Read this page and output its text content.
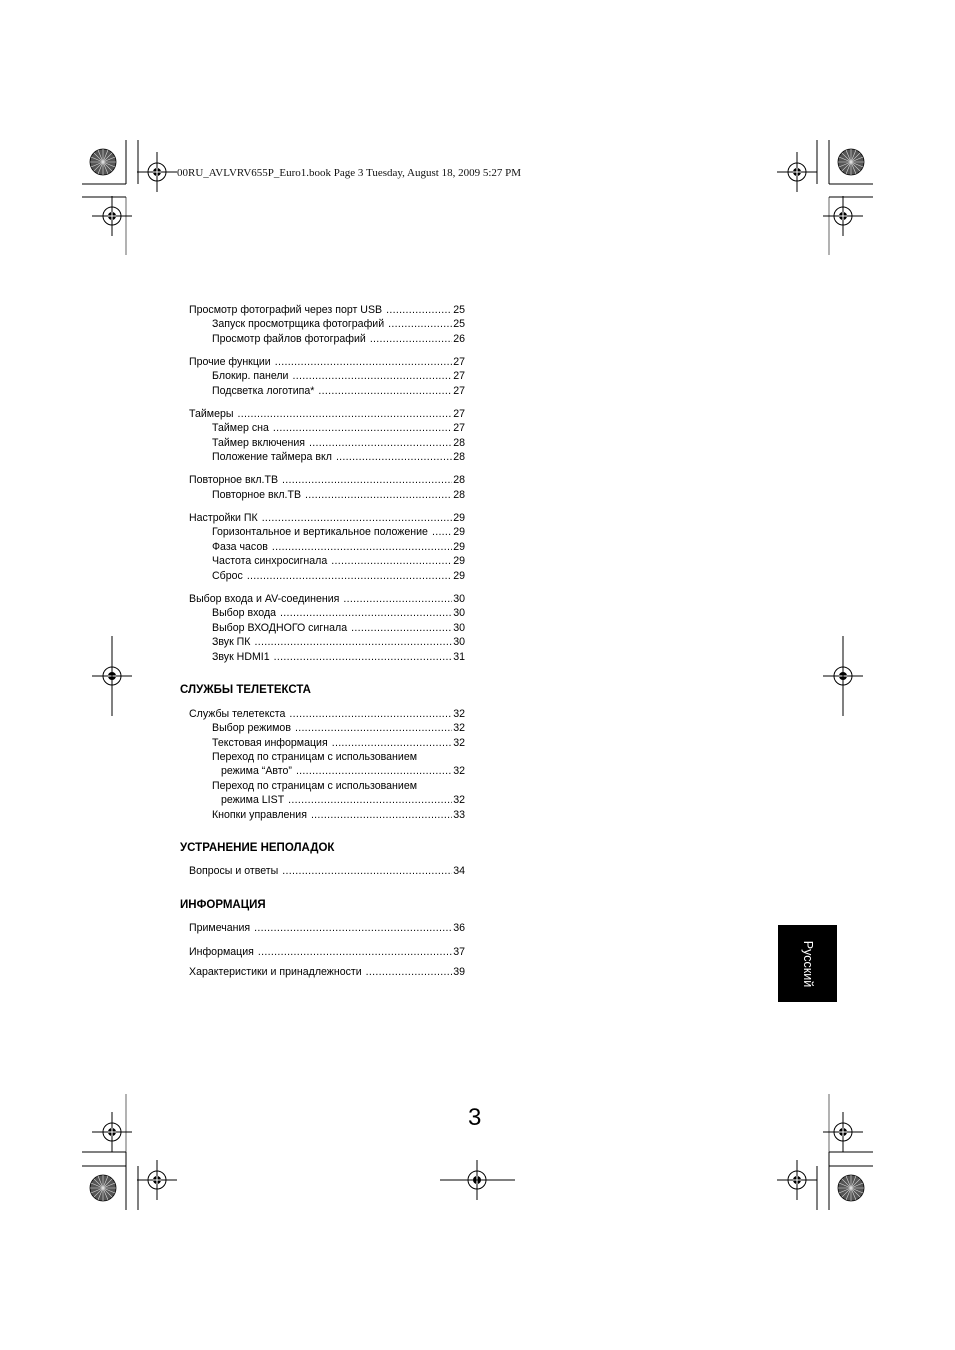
00RU_AVLVRV655P_Euro1.book Page 3 Tuesday, August 18, 2009 5:27 PM
Просмотр фотографий через порт USB .....	25
Запуск просмотрщика фотографий .....	25
Просмотр файлов фотографий .....	26
Прочие функции .....	27
Блокир. панели .....	27
Подсветка логотипа* .....	27
Таймеры .....	27
Таймер сна .....	27
Таймер включения .....	28
Положение таймера вкл .....	28
Повторное вкл.ТВ .....	28
Повторное вкл.ТВ .....	28
Настройки ПК .....	29
Горизонтальное и вертикальное положение ..... 29
Фаза часов .....	29
Частота синхросигнала .....	29
Сброс .....	29
Выбор входа и AV-соединения .....	30
Выбор входа .....	30
Выбор ВХОДНОГО сигнала .....	30
Звук ПК .....	30
Звук HDMI1 .....	31
СЛУЖБЫ ТЕЛЕТЕКСТА
Службы телетекста .....	32
Выбор режимов .....	32
Текстовая информация .....	32
Переход по страницам с использованием
режима “Авто” .....	32
Переход по страницам с использованием
режима LIST .....	32
Кнопки управления .....	33
УСТРАНЕНИЕ НЕПОЛАДОК
Вопросы и ответы .....	34
ИНФОРМАЦИЯ
Примечания .....	36
Информация .....	37
Характеристики и принадлежности .....	39	Русский
3
